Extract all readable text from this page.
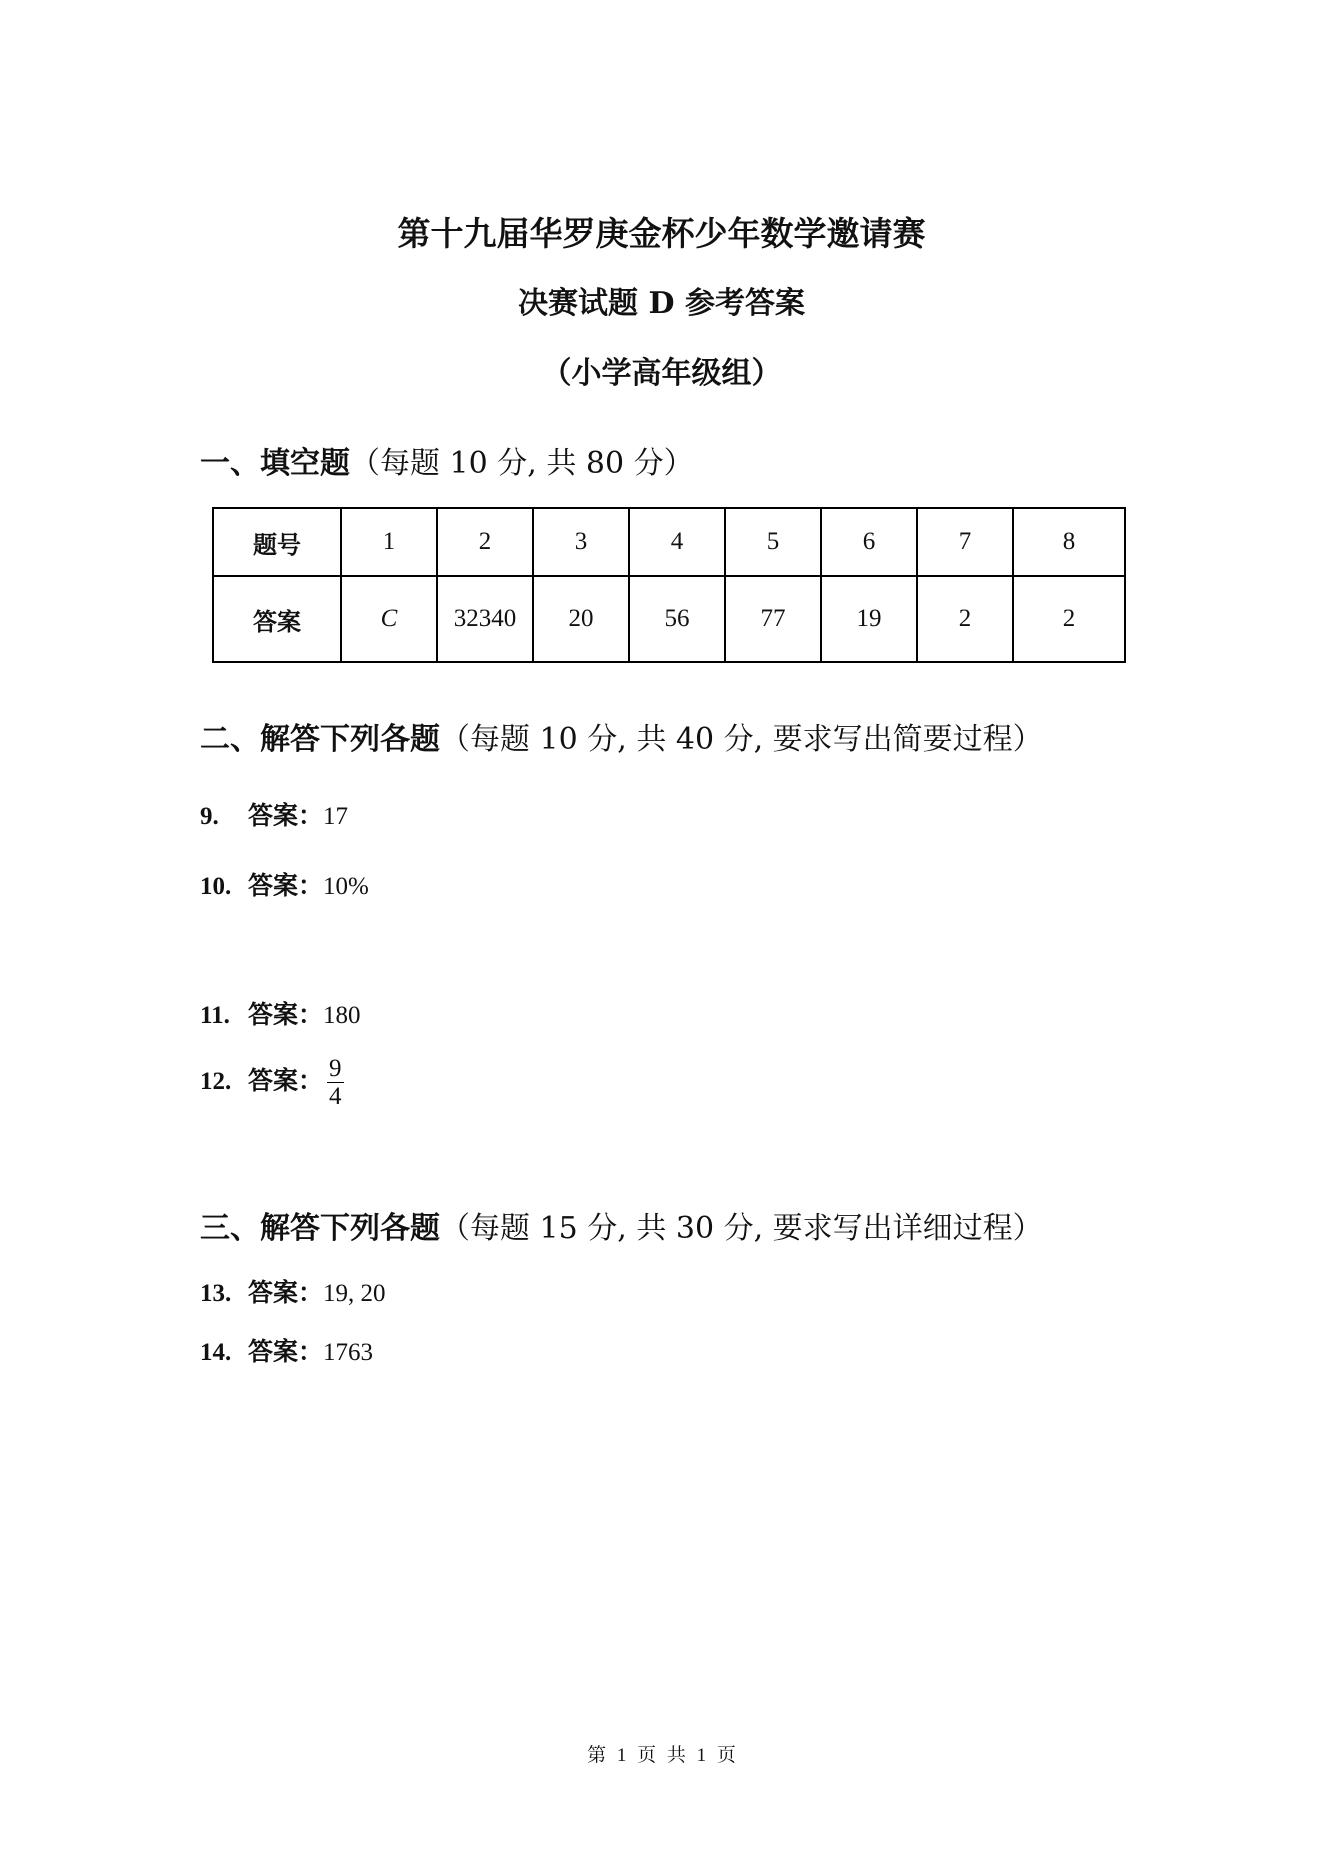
第十九届华罗庚金杯少年数学邀请赛
决赛试题 D 参考答案
（小学高年级组）
一、填空题（每题 10 分, 共 80 分）
题号	1	2	3	4	5	6	7	8
答案	C	32340	20	56	77	19	2	2
二、解答下列各题（每题 10 分, 共 40 分, 要求写出简要过程）
9. 答案：17
10. 答案：10%
11. 答案：180
12. 答案： $\frac{9}{4}$
三、解答下列各题（每题 15 分, 共 30 分, 要求写出详细过程）
13. 答案：19, 20
14. 答案：1763
第 1 页 共 1 页
